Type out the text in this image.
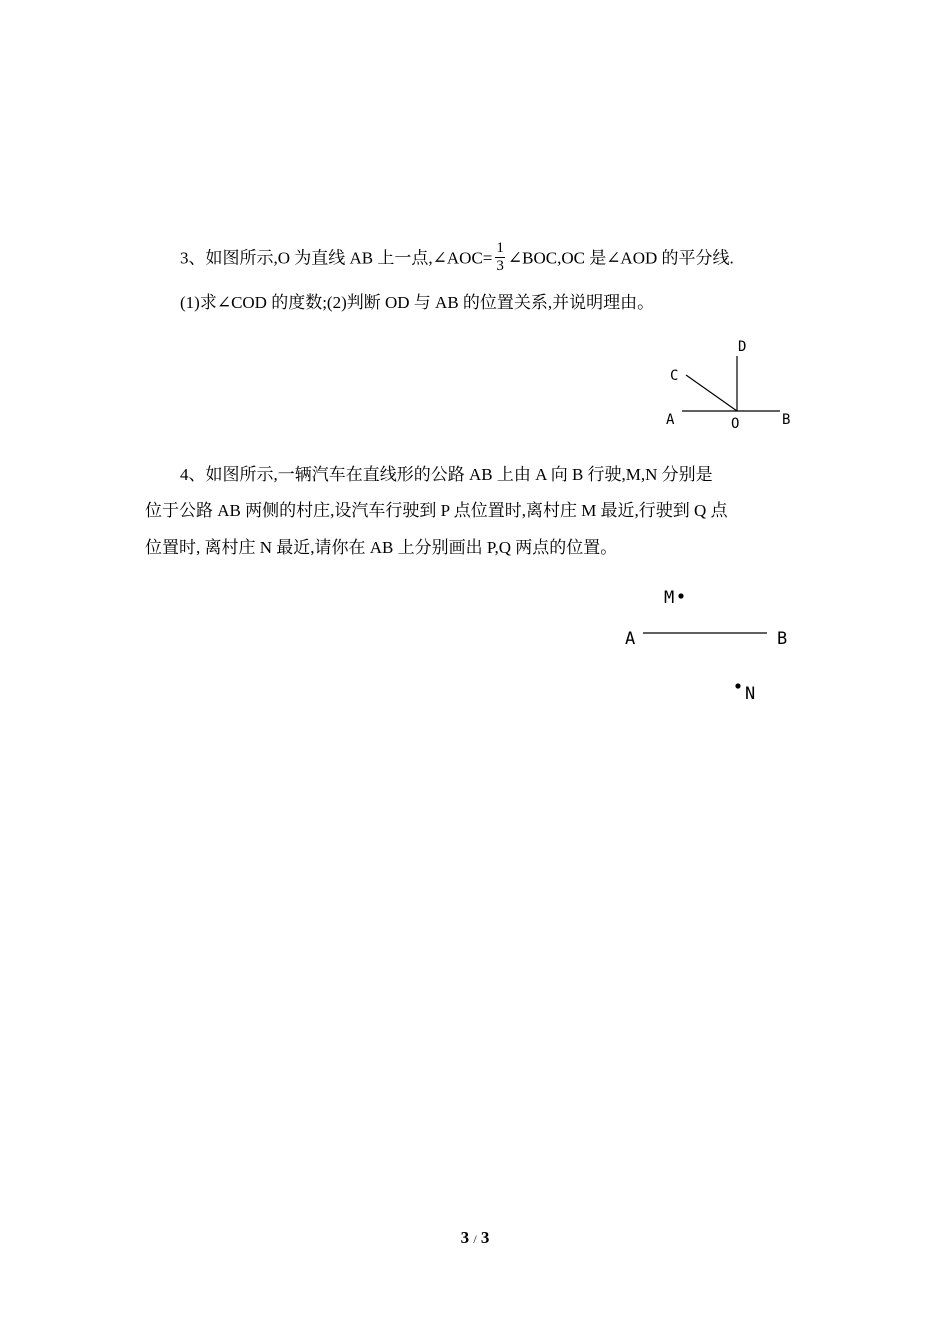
3、如图所示,O 为直线 AB 上一点,∠AOC= $\frac{1}{3}$ ∠BOC,OC 是∠AOD 的平分线.
(1)求∠COD 的度数;(2)判断 OD 与 AB 的位置关系,并说明理由。
A	B
C
D
O
4、如图所示,一辆汽车在直线形的公路 AB 上由 A 向 B 行驶,M,N 分别是
位于公路 AB 两侧的村庄,设汽车行驶到 P 点位置时,离村庄 M 最近,行驶到 Q 点
位置时, 离村庄 N 最近,请你在 AB 上分别画出 P,Q 两点的位置。
A	B
M
N
3 / 3
